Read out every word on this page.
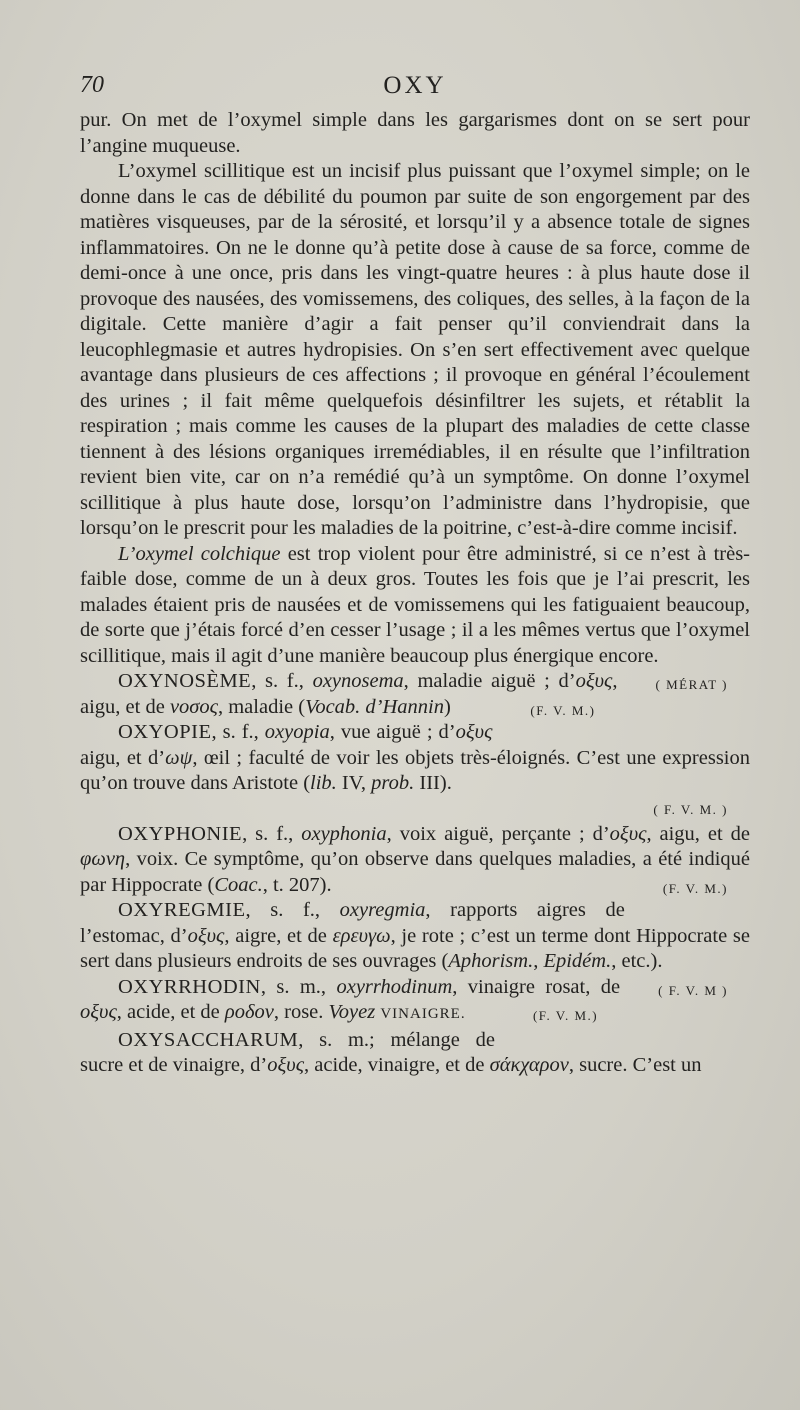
70	OXY

pur. On met de l’oxymel simple dans les gargarismes dont on se sert pour l’angine muqueuse.

L’oxymel scillitique est un incisif plus puissant que l’oxymel simple; on le donne dans le cas de débilité du poumon par suite de son engorgement par des matières visqueuses, par de la sérosité, et lorsqu’il y a absence totale de signes inflammatoires. On ne le donne qu’à petite dose à cause de sa force, comme de demi-once à une once, pris dans les vingt-quatre heures : à plus haute dose il provoque des nausées, des vomissemens, des coliques, des selles, à la façon de la digitale. Cette manière d’agir a fait penser qu’il conviendrait dans la leucophlegmasie et autres hydropisies. On s’en sert effectivement avec quelque avantage dans plusieurs de ces affections ; il provoque en général l’écoulement des urines ; il fait même quelquefois désinfiltrer les sujets, et rétablit la respiration ; mais comme les causes de la plupart des maladies de cette classe tiennent à des lésions organiques irremédiables, il en résulte que l’infiltration revient bien vite, car on n’a remédié qu’à un symptôme. On donne l’oxymel scillitique à plus haute dose, lorsqu’on l’administre dans l’hydropisie, que lorsqu’on le prescrit pour les maladies de la poitrine, c’est-à-dire comme incisif.

L’oxymel colchique est trop violent pour être administré, si ce n’est à très-faible dose, comme de un à deux gros. Toutes les fois que je l’ai prescrit, les malades étaient pris de nausées et de vomissemens qui les fatiguaient beaucoup, de sorte que j’étais forcé d’en cesser l’usage ; il a les mêmes vertus que l’oxymel scillitique, mais il agit d’une manière beaucoup plus énergique encore.
( MÉRAT )

OXYNOSÈME, s. f., oxynosema, maladie aiguë ; d’οξυς, aigu, et de νοσος, maladie (Vocab. d’Hannin)	(F. V. M.)

OXYOPIE, s. f., oxyopia, vue aiguë ; d’οξυς aigu, et d’ωψ, œil ; faculté de voir les objets très-éloignés. C’est une expression qu’on trouve dans Aristote (lib. IV, prob. III).

( F. V. M. )

OXYPHONIE, s. f., oxyphonia, voix aiguë, perçante ; d’οξυς, aigu, et de φωνη, voix. Ce symptôme, qu’on observe dans quelques maladies, a été indiqué par Hippocrate (Coac., t. 207).	(F. V. M.)

OXYREGMIE, s. f., oxyregmia, rapports aigres de l’estomac, d’οξυς, aigre, et de ερευγω, je rote ; c’est un terme dont Hippocrate se sert dans plusieurs endroits de ses ouvrages (Aphorism., Epidém., etc.).
( F. V. M )

OXYRRHODIN, s. m., oxyrrhodinum, vinaigre rosat, de οξυς, acide, et de ροδον, rose. Voyez VINAIGRE.	(F. V. M.)

OXYSACCHARUM, s. m.; mélange de sucre et de vinaigre, d’οξυς, acide, vinaigre, et de σάκχαρον, sucre. C’est un
